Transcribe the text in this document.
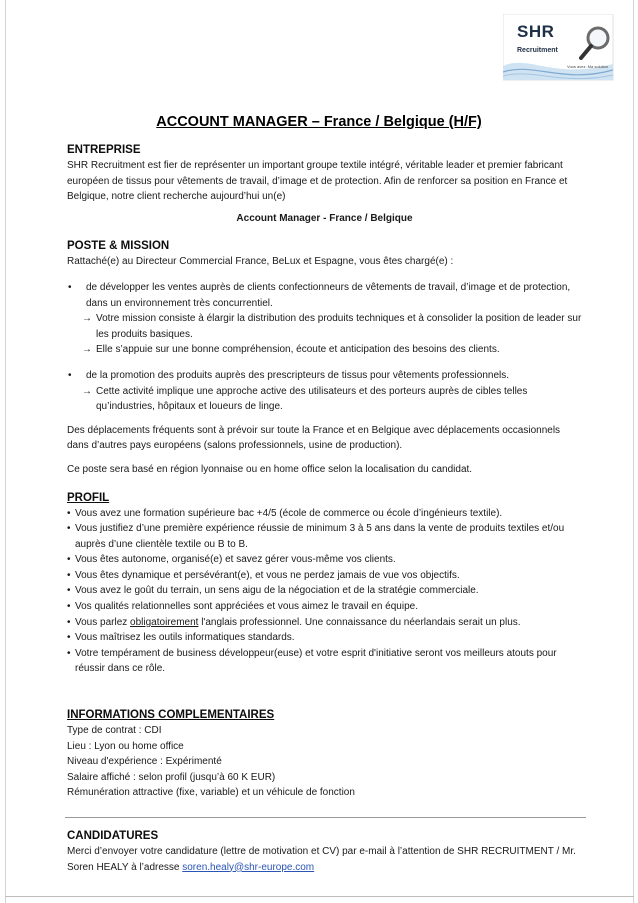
SHR
Recruitment
Vous avez. Ma solution
ACCOUNT MANAGER – France / Belgique (H/F)

ENTREPRISE

SHR Recruitment est fier de représenter un important groupe textile intégré, véritable leader et premier fabricant européen de tissus pour vêtements de travail, d’image et de protection. Afin de renforcer sa position en France et Belgique, notre client recherche aujourd’hui un(e)

Account Manager - France / Belgique

POSTE & MISSION

Rattaché(e) au Directeur Commercial France, BeLux et Espagne, vous êtes chargé(e) :

• de développer les ventes auprès de clients confectionneurs de vêtements de travail, d’image et de protection, dans un environnement très concurrentiel.
→ Votre mission consiste à élargir la distribution des produits techniques et à consolider la position de leader sur les produits basiques.
→ Elle s’appuie sur une bonne compréhension, écoute et anticipation des besoins des clients.
• de la promotion des produits auprès des prescripteurs de tissus pour vêtements professionnels.
→ Cette activité implique une approche active des utilisateurs et des porteurs auprès de cibles telles qu’industries, hôpitaux et loueurs de linge.

Des déplacements fréquents sont à prévoir sur toute la France et en Belgique avec déplacements occasionnels dans d’autres pays européens (salons professionnels, usine de production).

Ce poste sera basé en région lyonnaise ou en home office selon la localisation du candidat.

PROFIL

• Vous avez une formation supérieure bac +4/5 (école de commerce ou école d’ingénieurs textile).
• Vous justifiez d’une première expérience réussie de minimum 3 à 5 ans dans la vente de produits textiles et/ou auprès d’une clientèle textile ou B to B.
• Vous êtes autonome, organisé(e) et savez gérer vous-même vos clients.
• Vous êtes dynamique et persévérant(e), et vous ne perdez jamais de vue vos objectifs.
• Vous avez le goût du terrain, un sens aigu de la négociation et de la stratégie commerciale.
• Vos qualités relationnelles sont appréciées et vous aimez le travail en équipe.
• Vous parlez obligatoirement l'anglais professionnel. Une connaissance du néerlandais serait un plus.
• Vous maîtrisez les outils informatiques standards.
• Votre tempérament de business développeur(euse) et votre esprit d'initiative seront vos meilleurs atouts pour réussir dans ce rôle.

INFORMATIONS COMPLEMENTAIRES

Type de contrat : CDI

Lieu : Lyon ou home office

Niveau d'expérience : Expérimenté

Salaire affiché : selon profil (jusqu’à 60 K EUR)

Rémunération attractive (fixe, variable) et un véhicule de fonction

CANDIDATURES

Merci d’envoyer votre candidature (lettre de motivation et CV) par e-mail à l’attention de SHR RECRUITMENT / Mr. Soren HEALY à l’adresse soren.healy@shr-europe.com
